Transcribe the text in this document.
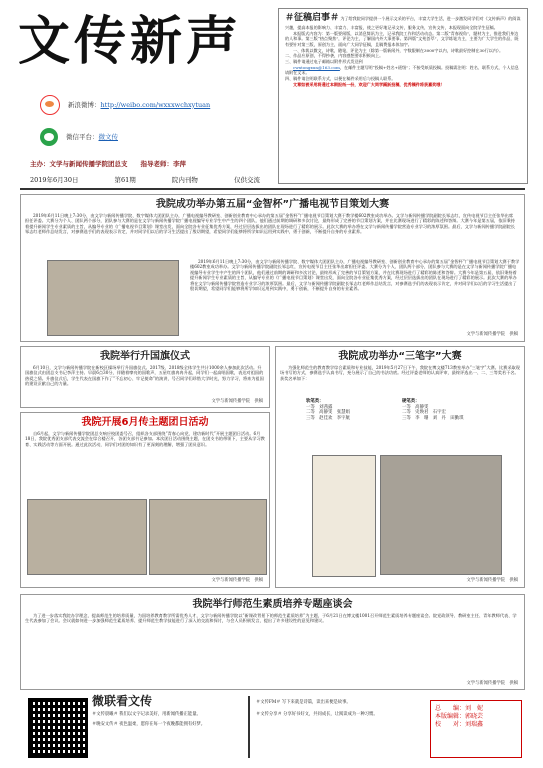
文传新声
新浪微博： http://weibo.com/wxxxwchxytuan
微信平台： 微文传
主办：文学与新闻传播学院团总支　　指导老师：李萍
2019年6月30日	第61期	院内刊物	仅供交流
＃征稿启事＃ 为了给我院同学提供一个展示文采的平台，丰富大学生活，进一步激发同学们对《文传新声》的阅读兴趣，提高本报的影响力、丰富力、丰富报，使之更好地记录文传，服务文传，宣传文传，本报现面向全院学生征稿。

本报版式内容为：第一版要闻版，以消息简讯为主，记录我院工作和活动动态。第二版“青春视角”，题材为主，推进我们身边的人和事。第三版“热点聚焦”，评论为主，了解国内外大事要事。第四版“文苑荟萃”，文学练笔为主，主要为广大学生的作品，既有要针对第三版，原创为主，面向广大同学征稿，且稿费报本体加字。

一、体裁以微文，诗歌，随笔，评论为主（除第一版新闻外，字数限制在3000字以内，诗歌最好控制在30行以内）。
二、作品应原创，不得抄袭，内容感想要求积极向上。
三、稿件请通过电子邮箱以附件形式发送到

cwxtongxun@163.com，在邮件主题写明“投稿+姓名+班级”；不接受纸质投稿。投稿需注明：姓名、联系方式，个人信息请附在文末。
四、稿件请注明联系方式，以便在稿件采用后与投稿人联系。

文章如被采用将通过本期报纸一份，欢迎广大同学踊跃投稿，优秀稿件将获嘉奖哦！

我院成功举办第五届“金智杯”广播电视节目策划大赛
2019年6月11日晚上7:30分，由文学与新闻传播学院、数字媒体大团团队主办，广播电视编导教研室、创新创业教育中心承办的第五届“金智杯”广播电视节目策划大赛于教学楼602教室成功举办。文学与新闻传播学院副院长邹志红，宣传电视节目主任张华出席担任评委。大赛分为个人、团队两个部分，团队参与大赛的是在文学与新闻传播学院广播电视编导专业学生中产生的四个团队，他们通过前期的调研和多次讨论，最终形成了完善的节目策划方案，并在比赛现场进行了精彩的陈述和答辩。大赛今年是第五届，依旧秉持着提升新闻学生专业素质的主旨，从编导专业的《广播电视节目策划》课堂出发，面向全院各专业征集优秀方案，经过层层选拔出的团队在现场进行了精彩的展示。此次大赛的举办将在文学与新闻传播学院营造专业学习的浓厚氛围。最后，文学与新闻传播学院副院长邹志红老师作总结发言，对参赛选手们的表现表示肯定，并对同学们以后的学习生活提出了殷切期望，希望同学们能够将所学知识运用到实践中，勇于创新，不断提升自身的专业素养。
2019年6月11日晚上7:30分，由文学与新闻传播学院、数字媒体大团团队主办，广播电视编导教研室、创新创业教育中心承办的第五届“金智杯”广播电视节目策划大赛于教学楼602教室成功举办。文学与新闻传播学院副院长邹志红，宣传电视节目主任张华出席担任评委。大赛分为个人、团队两个部分，团队参与大赛的是在文学与新闻传播学院广播电视编导专业学生中产生的四个团队，他们通过前期的调研和多次讨论，最终形成了完善的节目策划方案，并在比赛现场进行了精彩的陈述和答辩。大赛今年是第五届，依旧秉持着提升新闻学生专业素质的主旨，从编导专业的《广播电视节目策划》课堂出发，面向全院各专业征集优秀方案，经过层层选拔出的团队在现场进行了精彩的展示。此次大赛的举办将在文学与新闻传播学院营造专业学习的浓厚氛围。最后，文学与新闻传播学院副院长邹志红老师作总结发言，对参赛选手们的表现表示肯定，并对同学们以后的学习生活提出了殷切期望，希望同学们能够将所学知识运用到实践中，勇于创新，不断提升自身的专业素养。
文学与新闻传播学院　供稿
我院举行升国旗仪式
6月10日，文学与新闻传播学院在新校区操场举行升国旗仪式。2017级、2018级全体学生共计1000余人参加此次活动。升国旗仪式由团总支书记李萍主持。早晨6点30分，伴随着嘹亮的国歌声，五星红旗冉冉升起，同学们一起高唱国歌，表达对祖国的热爱之情。升旗仪式后，学生代表在国旗下作了“不忘初心、牢记使命”的演讲，号召同学们珍惜大学时光，努力学习，将来为祖国的建设贡献自己的力量。
文学与新闻传播学院　供稿
我院开展6月传主题团日活动
自6月起，文学与新闻传播学院团总支响应校团委号召，组织各支部围绕“青春心向党，建功新时代”开展主题团日活动。6月18日，我院优秀团支部代表交流会在综合楼召开，各团支部书记参加。本次团日活动围绕主题，在团支书的带领下，主要从学习教育、实践活动等方面开展。通过此次活动，同学们对团的知识有了更深刻的理解，增强了团员意识。
文学与新闻传播学院　供稿
我院成功举办“三笔字”大赛
为强化师范生的教育教学综合素质和专业技能，2019年5月27日下午，我院在博文楼713教室举办“三笔字”大赛。比赛采取现场书写的方式，参赛选手认真书写，充分展示了自己的书法功底。经过评委老师的认真评审，最终评选出一、二、三等奖若干名。获奖名单如下：
软笔类：	硬笔类：
一等　刘茜露	一等　高静雯
二等　高静雯　张慧娟	二等　史焕君　石宇宏
三等　赵佳欢　李宇航	三等　李　珊　刘　丹　田勤琪
文学与新闻传播学院　供稿
我院举行师范生素质培养专题座谈会
为了进一步落实我院办学理念，提高师范生的培养质量，为国培养教育教学所需优秀人才，文学与新闻传播学院以“新课改背景下的师范生素质培养”为主题，于6月21日在博文楼1001召开师范生素质培养专题座谈会。院党政领导、教研室主任、青年教师代表、学生代表参加了会议。会议就如何进一步加强师范生素质培养、提升师范生教学技能进行了深入的交流和探讨，与会人员积极发言，提出了许多建设性的意见和建议。
文学与新闻传播学院　供稿
微联看文传

＃文传晨曦＃ 我们以文字记录美好，用新闻传播正能量。

＃晚安文传＃ 夜色温柔，愿你在每一个夜晚都能拥有好梦。

＃文传FM＃ 写下来就是诗篇，读出来便是故事。

＃文传分享＃ 分享好书好文，共同成长，让阅读成为一种习惯。

总　　编：刘　妮
本版编辑：郭晓芸
校　　对：刘瑞鑫
